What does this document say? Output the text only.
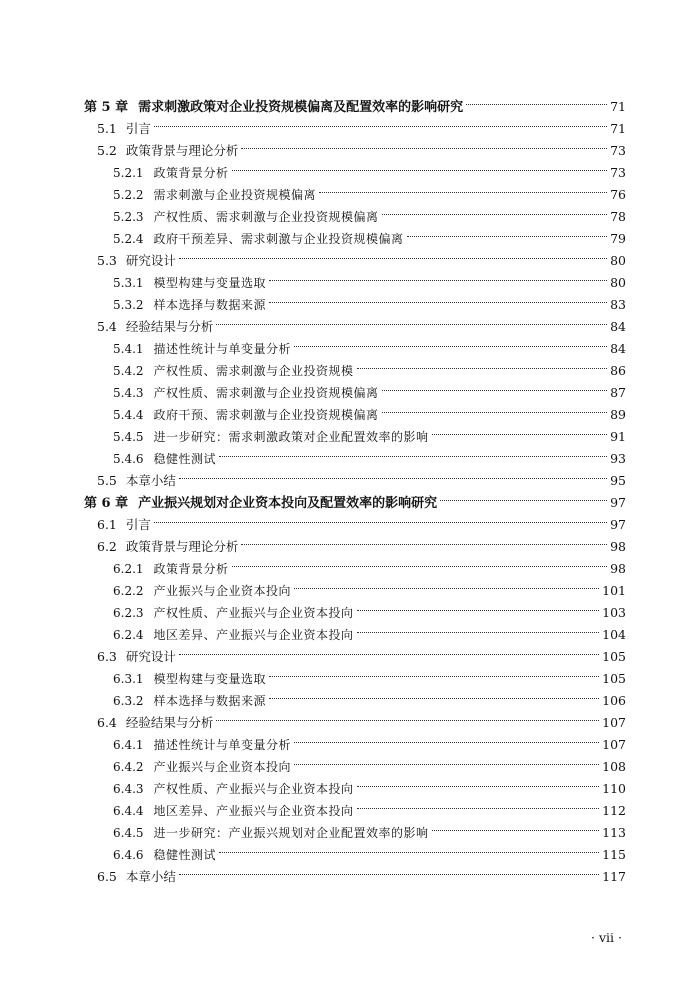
第 5 章 需求刺激政策对企业投资规模偏离及配置效率的影响研究	71
5.1 引言	71
5.2 政策背景与理论分析	73
5.2.1 政策背景分析	73
5.2.2 需求刺激与企业投资规模偏离	76
5.2.3 产权性质、需求刺激与企业投资规模偏离	78
5.2.4 政府干预差异、需求刺激与企业投资规模偏离	79
5.3 研究设计	80
5.3.1 模型构建与变量选取	80
5.3.2 样本选择与数据来源	83
5.4 经验结果与分析	84
5.4.1 描述性统计与单变量分析	84
5.4.2 产权性质、需求刺激与企业投资规模	86
5.4.3 产权性质、需求刺激与企业投资规模偏离	87
5.4.4 政府干预、需求刺激与企业投资规模偏离	89
5.4.5 进一步研究：需求刺激政策对企业配置效率的影响	91
5.4.6 稳健性测试	93
5.5 本章小结	95
第 6 章 产业振兴规划对企业资本投向及配置效率的影响研究	97
6.1 引言	97
6.2 政策背景与理论分析	98
6.2.1 政策背景分析	98
6.2.2 产业振兴与企业资本投向	101
6.2.3 产权性质、产业振兴与企业资本投向	103
6.2.4 地区差异、产业振兴与企业资本投向	104
6.3 研究设计	105
6.3.1 模型构建与变量选取	105
6.3.2 样本选择与数据来源	106
6.4 经验结果与分析	107
6.4.1 描述性统计与单变量分析	107
6.4.2 产业振兴与企业资本投向	108
6.4.3 产权性质、产业振兴与企业资本投向	110
6.4.4 地区差异、产业振兴与企业资本投向	112
6.4.5 进一步研究：产业振兴规划对企业配置效率的影响	113
6.4.6 稳健性测试	115
6.5 本章小结	117
· vii ·
